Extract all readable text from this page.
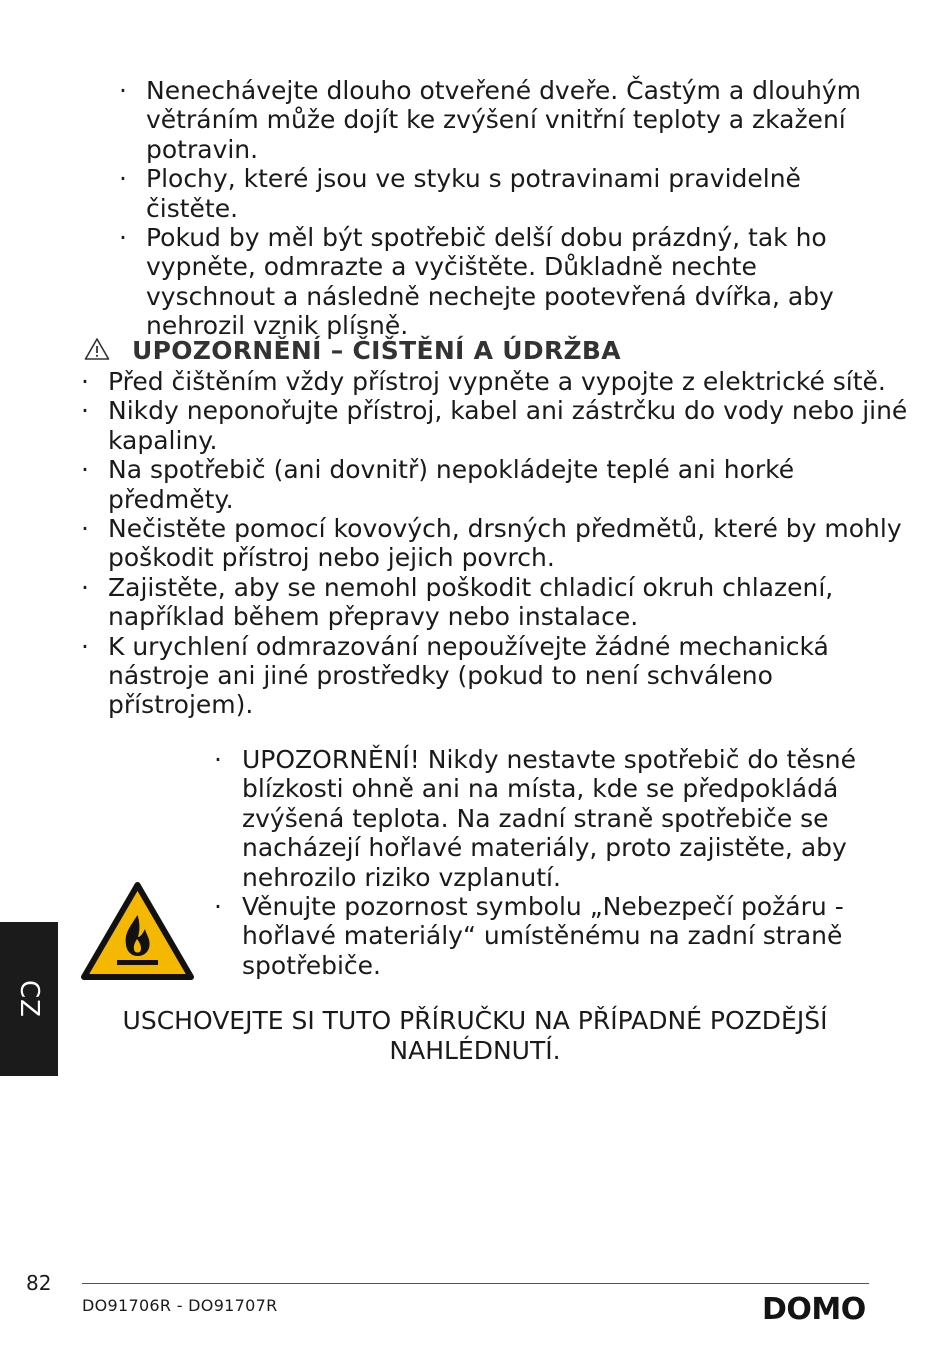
· Nenechávejte dlouho otveřené dveře. Častým a dlouhým větráním může dojít ke zvýšení vnitřní teploty a zkažení potravin.
· Plochy, které jsou ve styku s potravinami pravidelně čistěte.
· Pokud by měl být spotřebič delší dobu prázdný, tak ho vypněte, odmrazte a vyčištěte. Důkladně nechte vyschnout a následně nechejte pootevřená dvířka, aby nehrozil vznik plísně.
UPOZORNĚNÍ – ČIŠTĚNÍ A ÚDRŽBA
· Před čištěním vždy přístroj vypněte a vypojte z elektrické sítě.
· Nikdy neponořujte přístroj, kabel ani zástrčku do vody nebo jiné kapaliny.
· Na spotřebič (ani dovnitř) nepokládejte teplé ani horké předměty.
· Nečistěte pomocí kovových, drsných předmětů, které by mohly poškodit přístroj nebo jejich povrch.
· Zajistěte, aby se nemohl poškodit chladicí okruh chlazení, například během přepravy nebo instalace.
· K urychlení odmrazování nepoužívejte žádné mechanická nástroje ani jiné prostředky (pokud to není schváleno přístrojem).
· UPOZORNĚNÍ! Nikdy nestavte spotřebič do těsné blízkosti ohně ani na místa, kde se předpokládá zvýšená teplota. Na zadní straně spotřebiče se nacházejí hořlavé materiály, proto zajistěte, aby nehrozilo riziko vzplanutí.
· Věnujte pozornost symbolu „Nebezpečí požáru - hořlavé materiály“ umístěnému na zadní straně spotřebiče.
USCHOVEJTE SI TUTO PŘÍRUČKU NA PŘÍPADNÉ POZDĚJŠÍ
NAHLÉDNUTÍ.
CZ
82
DO91706R - DO91707R	DOMO
